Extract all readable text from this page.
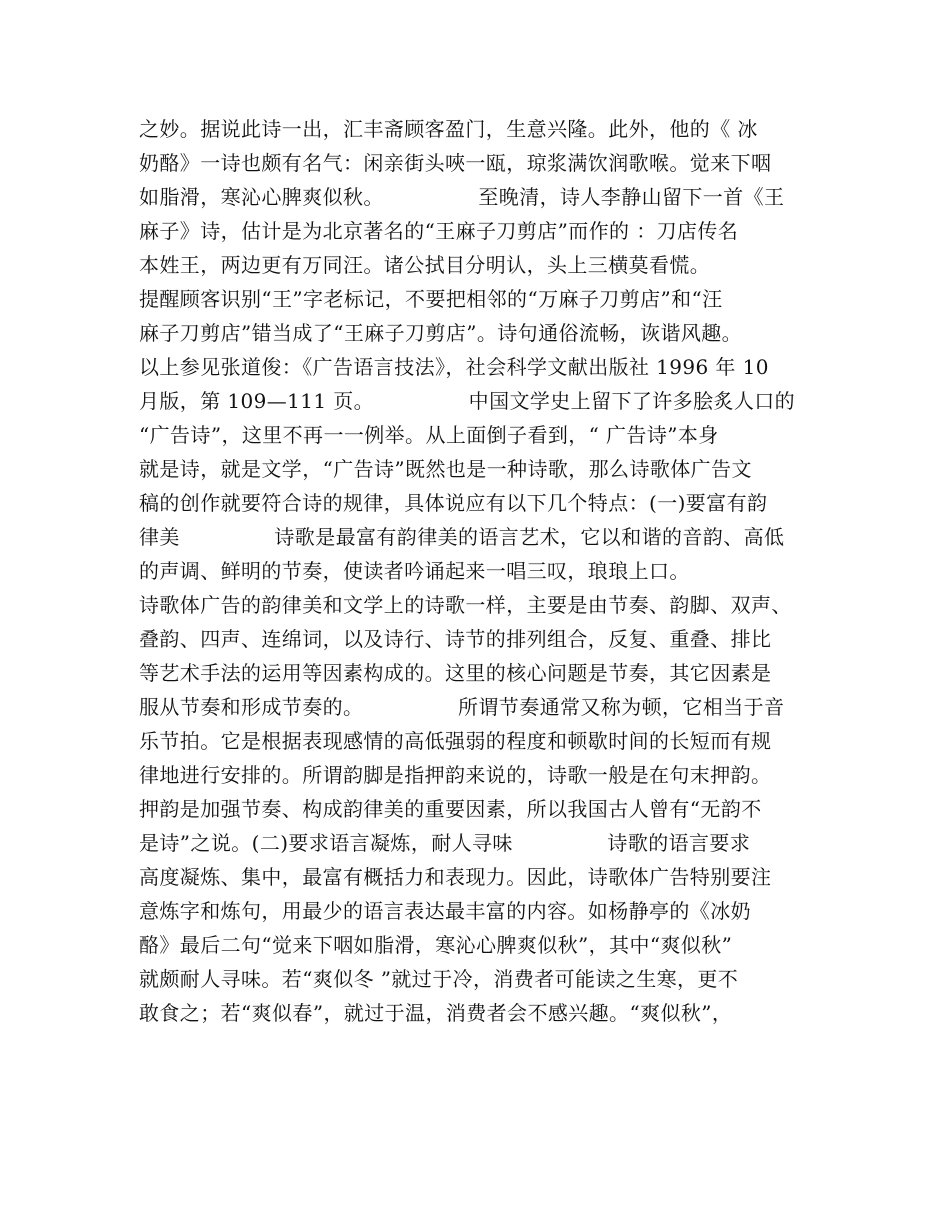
之妙。据说此诗一出，汇丰斋顾客盈门，生意兴隆。此外，他的《 冰
奶酪》一诗也颇有名气：闲亲街头唊一瓯，琼浆满饮润歌喉。觉来下咽
如脂滑，寒沁心脾爽似秋。              至晚清，诗人李静山留下一首《王
麻子》诗，估计是为北京著名的“王麻子刀剪店”而作的 ：刀店传名
本姓王，两边更有万同汪。诸公拭目分明认，头上三横莫看慌。
提醒顾客识别“王”字老标记，不要把相邻的“万麻子刀剪店”和“汪
麻子刀剪店”错当成了“王麻子刀剪店”。诗句通俗流畅，诙谐风趣。
以上参见张道俊：《广告语言技法》，社会科学文献出版社 1996 年 10
月版，第 109—111 页。              中国文学史上留下了许多脍炙人口的
“广告诗”，这里不再一一例举。从上面倒子看到，“ 广告诗”本身
就是诗，就是文学，“广告诗”既然也是一种诗歌，那么诗歌体广告文
稿的创作就要符合诗的规律，具体说应有以下几个特点：(一)要富有韵
律美              诗歌是最富有韵律美的语言艺术，它以和谐的音韵、高低
的声调、鲜明的节奏，使读者吟诵起来一唱三叹，琅琅上口。
诗歌体广告的韵律美和文学上的诗歌一样，主要是由节奏、韵脚、双声、
叠韵、四声、连绵词，以及诗行、诗节的排列组合，反复、重叠、排比
等艺术手法的运用等因素构成的。这里的核心问题是节奏，其它因素是
服从节奏和形成节奏的。              所谓节奏通常又称为顿，它相当于音
乐节拍。它是根据表现感情的高低强弱的程度和顿歇时间的长短而有规
律地进行安排的。所谓韵脚是指押韵来说的，诗歌一般是在句末押韵。
押韵是加强节奏、构成韵律美的重要因素，所以我国古人曾有“无韵不
是诗”之说。(二)要求语言凝炼，耐人寻味              诗歌的语言要求
高度凝炼、集中，最富有概括力和表现力。因此，诗歌体广告特别要注
意炼字和炼句，用最少的语言表达最丰富的内容。如杨静亭的《冰奶
酪》最后二句“觉来下咽如脂滑，寒沁心脾爽似秋”，其中“爽似秋”
就颇耐人寻味。若“爽似冬 ”就过于冷，消费者可能读之生寒，更不
敢食之；若“爽似春”，就过于温，消费者会不感兴趣。“爽似秋”，
